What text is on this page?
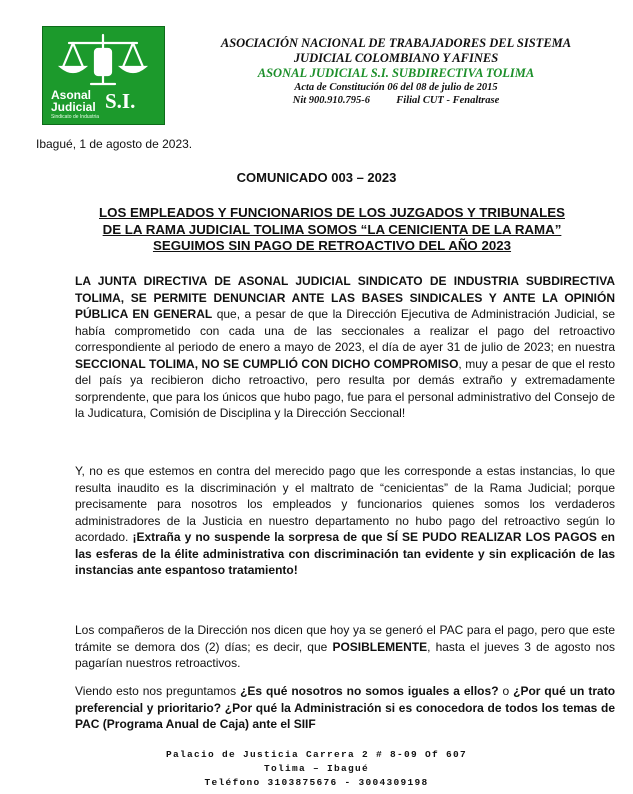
Asonal
Judicial S.I.
Sindicato de Industria
ASOCIACIÓN NACIONAL DE TRABAJADORES DEL SISTEMA
JUDICIAL COLOMBIANO Y AFINES
ASONAL JUDICIAL S.I. SUBDIRECTIVA TOLIMA
Acta de Constitución 06 del 08 de julio de 2015
Nit 900.910.795-6          Filial CUT - Fenaltrase
Ibagué, 1 de agosto de 2023.
COMUNICADO 003 – 2023
LOS EMPLEADOS Y FUNCIONARIOS DE LOS JUZGADOS Y TRIBUNALES
DE LA RAMA JUDICIAL TOLIMA SOMOS “LA CENICIENTA DE LA RAMA”
SEGUIMOS SIN PAGO DE RETROACTIVO DEL AÑO 2023
LA JUNTA DIRECTIVA DE ASONAL JUDICIAL SINDICATO DE INDUSTRIA SUBDIRECTIVA TOLIMA, SE PERMITE DENUNCIAR ANTE LAS BASES SINDICALES Y ANTE LA OPINIÓN PÚBLICA EN GENERAL que, a pesar de que la Dirección Ejecutiva de Administración Judicial, se había comprometido con cada una de las seccionales a realizar el pago del retroactivo correspondiente al periodo de enero a mayo de 2023, el día de ayer 31 de julio de 2023; en nuestra SECCIONAL TOLIMA, NO SE CUMPLIÓ CON DICHO COMPROMISO, muy a pesar de que el resto del país ya recibieron dicho retroactivo, pero resulta por demás extraño y extremadamente sorprendente, que para los únicos que hubo pago, fue para el personal administrativo del Consejo de la Judicatura, Comisión de Disciplina y la Dirección Seccional!
Y, no es que estemos en contra del merecido pago que les corresponde a estas instancias, lo que resulta inaudito es la discriminación y el maltrato de “cenicientas” de la Rama Judicial; porque precisamente para nosotros los empleados y funcionarios quienes somos los verdaderos administradores de la Justicia en nuestro departamento no hubo pago del retroactivo según lo acordado. ¡Extraña y no suspende la sorpresa de que SÍ SE PUDO REALIZAR LOS PAGOS en las esferas de la élite administrativa con discriminación tan evidente y sin explicación de las instancias ante espantoso tratamiento!
Los compañeros de la Dirección nos dicen que hoy ya se generó el PAC para el pago, pero que este trámite se demora dos (2) días; es decir, que POSIBLEMENTE, hasta el jueves 3 de agosto nos pagarían nuestros retroactivos.
Viendo esto nos preguntamos ¿Es qué nosotros no somos iguales a ellos? o ¿Por qué un trato preferencial y prioritario? ¿Por qué la Administración si es conocedora de todos los temas de PAC (Programa Anual de Caja) ante el SIIF
Palacio de Justicia Carrera 2 # 8-09 Of 607
Tolima – Ibagué
Teléfono 3103875676 - 3004309198
